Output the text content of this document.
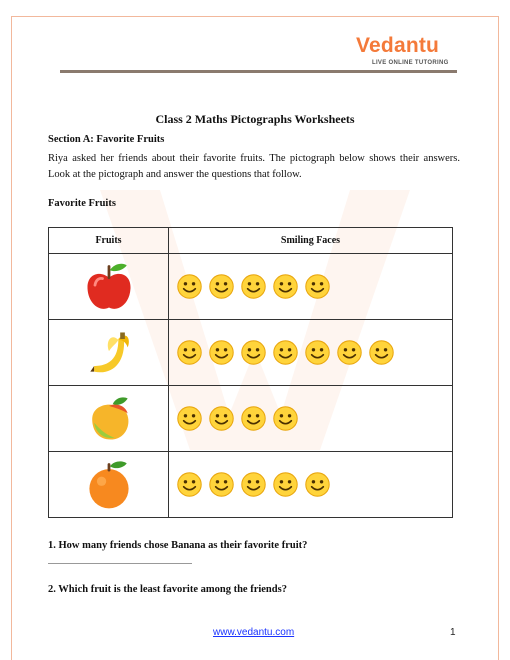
Vedantu
LIVE ONLINE TUTORING
Class 2 Maths Pictographs Worksheets
Section A: Favorite Fruits
Riya asked her friends about their favorite fruits. The pictograph below shows their answers. Look at the pictograph and answer the questions that follow.
Favorite Fruits
Fruits	Smiling Faces

1. How many friends chose Banana as their favorite fruit?
2. Which fruit is the least favorite among the friends?
www.vedantu.com	1
